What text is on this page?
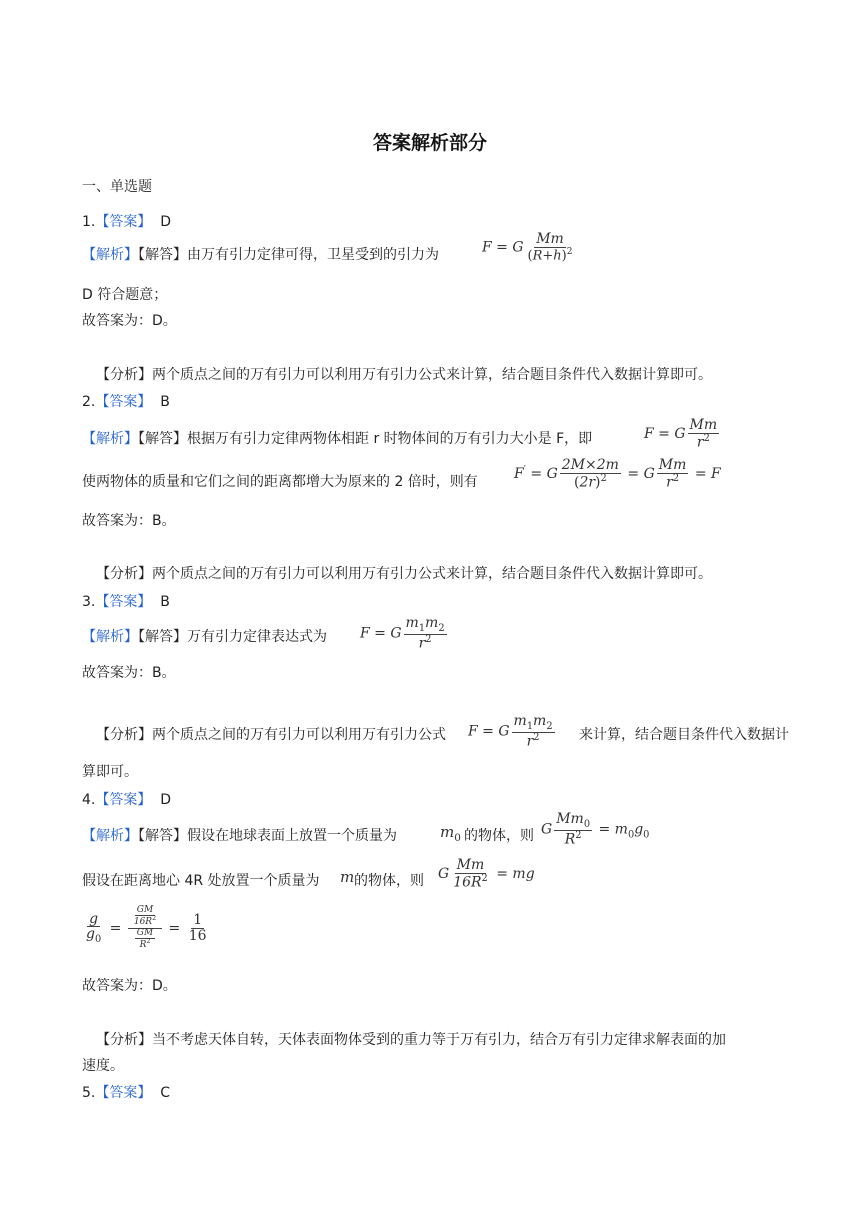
答案解析部分
一、单选题
1.【答案】 D
【解析】【解答】由万有引力定律可得，卫星受到的引力为	F = G $\frac{Mm}{(R+h)^2}$
D 符合题意；
故答案为：D。
【分析】两个质点之间的万有引力可以利用万有引力公式来计算，结合题目条件代入数据计算即可。
2.【答案】 B
【解析】【解答】根据万有引力定律两物体相距 r 时物体间的万有引力大小是 F，即	F = G $\frac{Mm}{r^2}$
使两物体的质量和它们之间的距离都增大为原来的 2 倍时，则有	F′ = G $\frac{2M\times 2m}{(2r)^2} = G \frac{Mm}{r^2} = F$
故答案为：B。
【分析】两个质点之间的万有引力可以利用万有引力公式来计算，结合题目条件代入数据计算即可。
3.【答案】 B
【解析】【解答】万有引力定律表达式为 F = G $\frac{m_1m_2}{r^2}$
故答案为：B。
【分析】两个质点之间的万有引力可以利用万有引力公式 F = G $\frac{m_1m_2}{r^2}$ 来计算，结合题目条件代入数据计
算即可。
4.【答案】 D
【解析】【解答】假设在地球表面上放置一个质量为	$m_0$ 的物体，则 G $\frac{Mm_0}{R^2} = m_0g_0$
假设在距离地心 4R 处放置一个质量为 m 的物体，则 G $\frac{Mm}{16R^2}$ = mg
$\frac{g}{g_0} = \frac{\frac{GM}{16R^2}}{\frac{GM}{R^2}} = \frac{1}{16}$
故答案为：D。
【分析】当不考虑天体自转，天体表面物体受到的重力等于万有引力，结合万有引力定律求解表面的加
速度。
5.【答案】 C
